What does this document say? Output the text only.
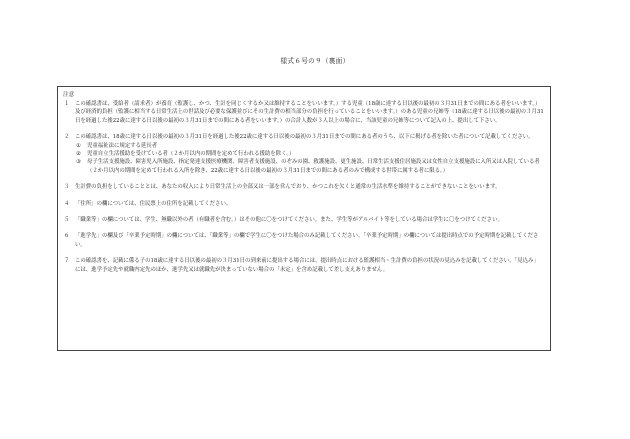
様式６号の９（裏面）
注意
１ この確認書は、受給者（請求者）が養育（監護し、かつ、生計を同じくするか又は維持することをいいます。）する児童（18歳に達する日以後の最初の３月31日までの間にある者をいいます。）及び経済的負担（監護に相当する日常生活上の世話及び必要な保護並びにその生計費の相当部分の負担を行っていることをいいます。）のある児童の兄姉等（18歳に達する日以後の最初の３月31日を経過した後22歳に達する日以後の最初の３月31日までの間にある者をいいます。）の合計人数が３人以上の場合に、当該児童の兄姉等について記入の上、提出して下さい。
２ この確認書は、18歳に達する日以後の最初の３月31日を経過した後22歳に達する日以後の最初の３月31日までの間にある者のうち、以下に掲げる者を除いた者について記載してください。
① 児童福祉法に規定する延長者
② 児童自立生活援助を受けている者（２か月以内の期間を定めて行われる援助を除く。）
③ 母子生活支援施設、障害児入所施設、指定発達支援医療機関、障害者支援施設、のぞみの園、救護施設、更生施設、日常生活支援住居施設又は女性自立支援施設に入所又は入院している者（２か月以内の期間を定めて行われる入所を除き、22歳に達する日以後の最初の３月31日までの間にある者のみで構成する世帯に属する者に限る。）
３ 生計費の負担をしていることとは、あなたの収入により日常生活上の全部又は一部を営んでおり、かつこれを欠くと通常の生活水準を維持することができないことをいいます。
４ 「住所」の欄については、住民票上の住所を記載してください。
５ 「職業等」の欄については、学生、無職以外の者（有職者を含む。）はその他に〇をつけてください。また、学生等がアルバイト等をしている場合は学生に〇をつけてください。
６ 「進学先」の欄及び「卒業予定時期」の欄については、「職業等」の欄で学生に〇をつけた場合のみ記載してください。「卒業予定時期」の欄については提出時点での予定時期を記載してください。
７ この確認書を、記載に係る子の18歳に達する日以後の最初の３月31日の到来前に提出する場合には、提出時点における監護相当・生計費の負担の状況の見込みを記載してください。「見込み」には、進学予定先や就職内定先のほか、進学先又は就職先が決まっていない場合の「未定」を含め記載して差し支えありません。
